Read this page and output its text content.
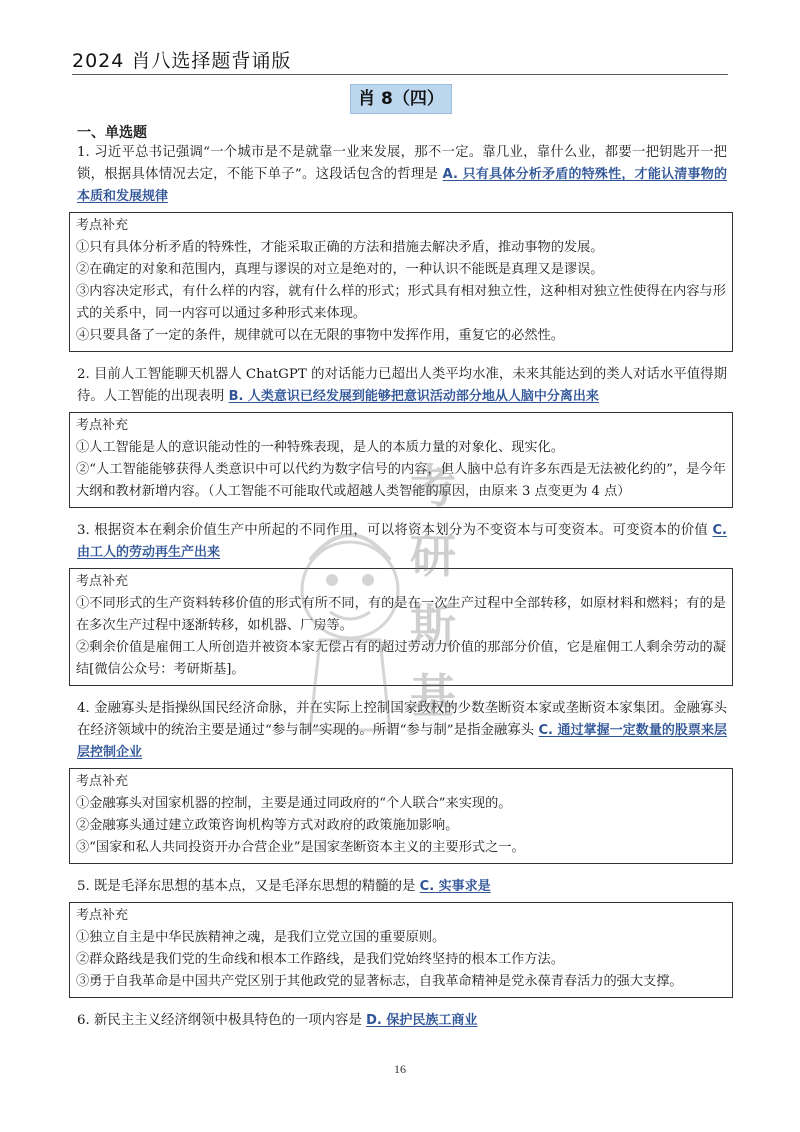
2024 肖八选择题背诵版
肖 8（四）
一、单选题

1. 习近平总书记强调“一个城市是不是就靠一业来发展，那不一定。靠几业，靠什么业，都要一把钥匙开一把锁，根据具体情况去定，不能下单子”。这段话包含的哲理是 A. 只有具体分析矛盾的特殊性，才能认清事物的本质和发展规律

考点补充

①只有具体分析矛盾的特殊性，才能采取正确的方法和措施去解决矛盾，推动事物的发展。

②在确定的对象和范围内，真理与谬误的对立是绝对的，一种认识不能既是真理又是谬误。

③内容决定形式，有什么样的内容，就有什么样的形式；形式具有相对独立性，这种相对独立性使得在内容与形式的关系中，同一内容可以通过多种形式来体现。

④只要具备了一定的条件，规律就可以在无限的事物中发挥作用，重复它的必然性。

2. 目前人工智能聊天机器人 ChatGPT 的对话能力已超出人类平均水准，未来其能达到的类人对话水平值得期待。人工智能的出现表明 B. 人类意识已经发展到能够把意识活动部分地从人脑中分离出来

考点补充

①人工智能是人的意识能动性的一种特殊表现，是人的本质力量的对象化、现实化。

②“人工智能能够获得人类意识中可以代约为数字信号的内容，但人脑中总有许多东西是无法被化约的”，是今年大纲和教材新增内容。（人工智能不可能取代或超越人类智能的原因，由原来 3 点变更为 4 点）

3. 根据资本在剩余价值生产中所起的不同作用，可以将资本划分为不变资本与可变资本。可变资本的价值 C. 由工人的劳动再生产出来

考点补充

①不同形式的生产资料转移价值的形式有所不同，有的是在一次生产过程中全部转移，如原材料和燃料；有的是在多次生产过程中逐渐转移，如机器、厂房等。

②剩余价值是雇佣工人所创造并被资本家无偿占有的超过劳动力价值的那部分价值，它是雇佣工人剩余劳动的凝结[微信公众号：考研斯基]。

4. 金融寡头是指操纵国民经济命脉，并在实际上控制国家政权的少数垄断资本家或垄断资本家集团。金融寡头在经济领域中的统治主要是通过“参与制”实现的。所谓“参与制”是指金融寡头 C. 通过掌握一定数量的股票来层层控制企业

考点补充

①金融寡头对国家机器的控制，主要是通过同政府的“个人联合”来实现的。

②金融寡头通过建立政策咨询机构等方式对政府的政策施加影响。

③“国家和私人共同投资开办合营企业”是国家垄断资本主义的主要形式之一。

5. 既是毛泽东思想的基本点，又是毛泽东思想的精髓的是 C. 实事求是

考点补充

①独立自主是中华民族精神之魂，是我们立党立国的重要原则。

②群众路线是我们党的生命线和根本工作路线，是我们党始终坚持的根本工作方法。

③勇于自我革命是中国共产党区别于其他政党的显著标志，自我革命精神是党永葆青春活力的强大支撑。

6. 新民主主义经济纲领中极具特色的一项内容是 D. 保护民族工商业

考
研
斯
基
16
